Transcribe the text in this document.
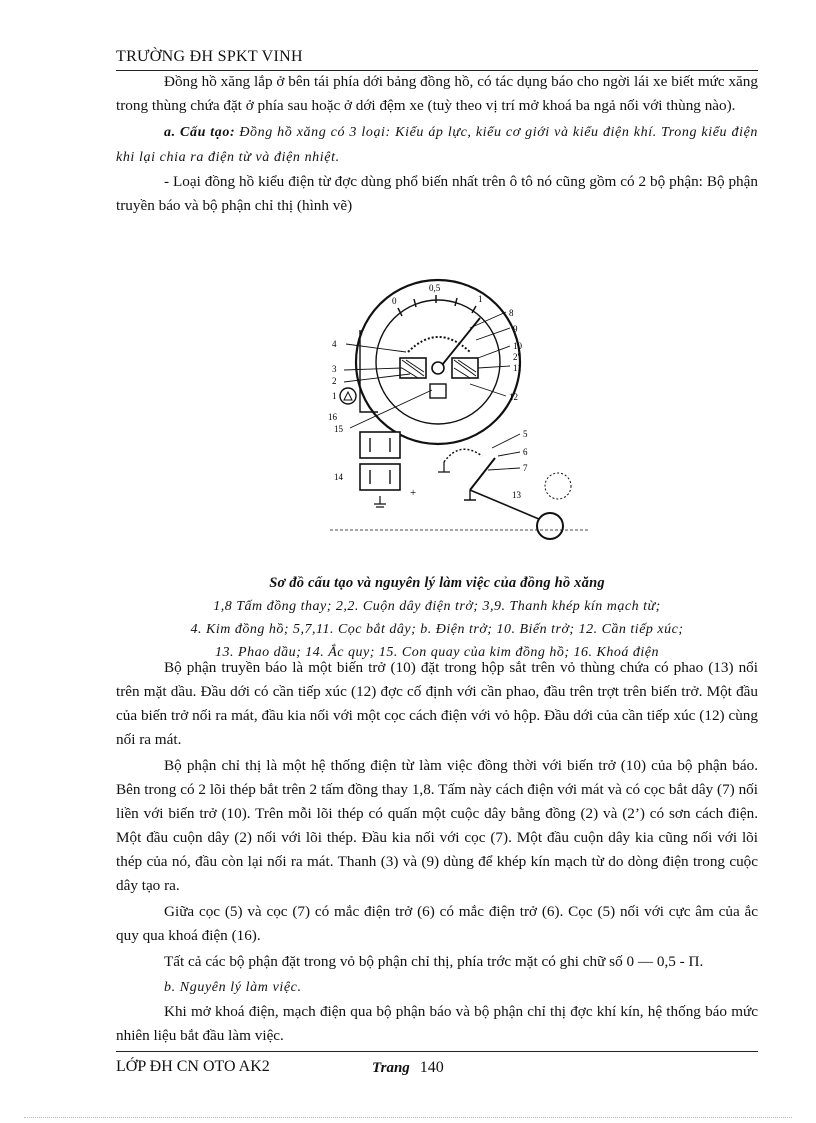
TRƯỜNG ĐH SPKT VINH

Đồng hồ xăng lắp ở bên tái phía dới bảng đồng hồ, có tác dụng báo cho ngời lái xe biết mức xăng trong thùng chứa đặt ở phía sau hoặc ở dới đệm xe (tuỳ theo vị trí mở khoá ba ngả nối với thùng nào).

a. Cấu tạo: Đồng hồ xăng có 3 loại: Kiểu áp lực, kiểu cơ giới và kiểu điện khí. Trong kiểu điện khi lại chia ra điện từ và điện nhiệt.

- Loại đồng hồ kiểu điện từ đợc dùng phổ biến nhất trên ô tô nó cũng gồm có 2 bộ phận: Bộ phận truyền báo và bộ phận chỉ thị (hình vẽ)

0
0,5
1
+
8
9
10
2'
11
12
4
3
2
1
16
15
14
5
6
7
13
Sơ đồ cấu tạo và nguyên lý làm việc của đồng hồ xăng
1,8 Tấm đồng thay; 2,2. Cuộn dây điện trở; 3,9. Thanh khép kín mạch từ;
4. Kim đồng hồ; 5,7,11. Cọc bắt dây; b. Điện trở; 10. Biến trở; 12. Cần tiếp xúc;
13. Phao dầu; 14. Ắc quy; 15. Con quay của kim đồng hồ; 16. Khoá điện

Bộ phận truyền báo là một biến trở (10) đặt trong hộp sắt trên vỏ thùng chứa có phao (13) nổi trên mặt dầu. Đầu dới có cần tiếp xúc (12) đợc cố định với cần phao, đầu trên trợt trên biến trở. Một đầu của biến trở nối ra mát, đầu kia nối với một cọc cách điện với vỏ hộp. Đầu dới của cần tiếp xúc (12) cùng nối ra mát.

Bộ phận chỉ thị là một hệ thống điện từ làm việc đồng thời với biến trở (10) của bộ phận báo. Bên trong có 2 lõi thép bắt trên 2 tấm đồng thay 1,8. Tấm này cách điện với mát và có cọc bắt dây (7) nối liền với biến trở (10). Trên mỗi lõi thép có quấn một cuộc dây bằng đồng (2) và (2’) có sơn cách điện. Một đầu cuộn dây (2) nối với lõi thép. Đầu kia nối với cọc (7). Một đầu cuộn dây kia cũng nối với lõi thép của nó, đầu còn lại nối ra mát. Thanh (3) và (9) dùng để khép kín mạch từ do dòng điện trong cuộc dây tạo ra.

Giữa cọc (5) và cọc (7) có mắc điện trở (6) có mắc điện trở (6). Cọc (5) nối với cực âm của ắc quy qua khoá điện (16).

Tất cả các bộ phận đặt trong vỏ bộ phận chỉ thị, phía trớc mặt có ghi chữ số 0 — 0,5 - Π.

b. Nguyên lý làm việc.

Khi mở khoá điện, mạch điện qua bộ phận báo và bộ phận chỉ thị đợc khí kín, hệ thống báo mức nhiên liệu bắt đầu làm việc.

LỚP ĐH CN OTO AK2	Trang 140
